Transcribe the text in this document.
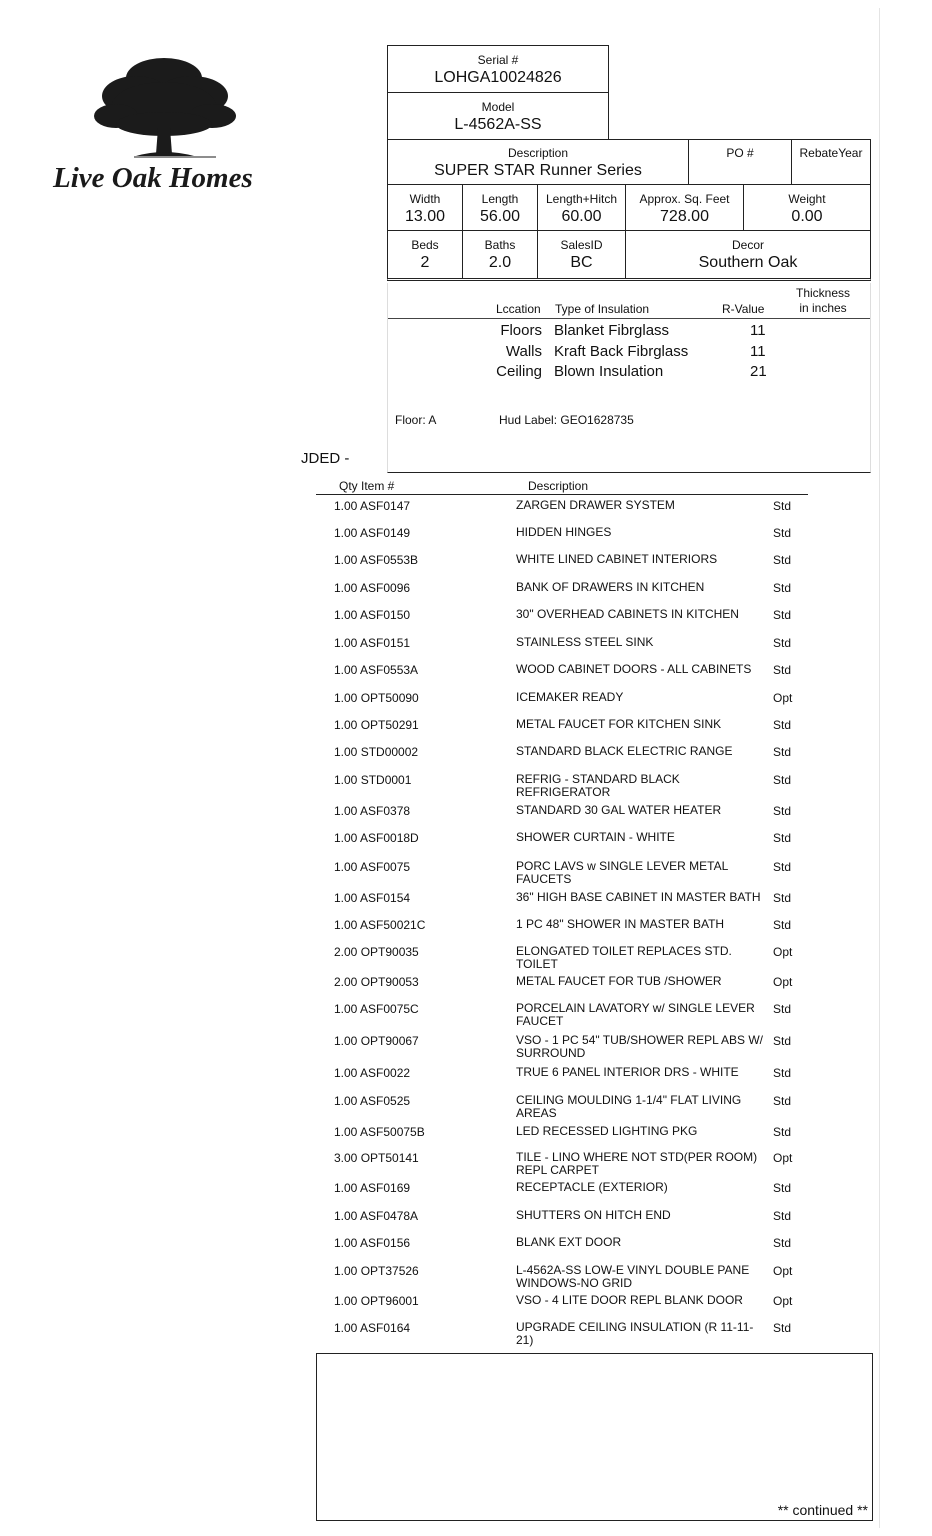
Live Oak Homes
Serial #
LOHGA10024826
Model
L-4562A-SS
Description
SUPER STAR Runner Series
PO #	RebateYear
Width
13.00
Length
56.00
Length+Hitch
60.00
Approx. Sq. Feet
728.00
Weight
0.00
Beds
2
Baths
2.0
SalesID
BC
Decor
Southern Oak
Lccation Type of Insulation	R-Value
Thickness
in inches
Floors Blanket Fibrglass	11
Walls Kraft Back Fibrglass	11
Ceiling Blown Insulation	21
Floor: A	Hud Label: GEO1628735
JDED -
Qty Item #	Description
1.00 ASF0147	ZARGEN DRAWER SYSTEM	Std
1.00 ASF0149	HIDDEN HINGES	Std
1.00 ASF0553B	WHITE LINED CABINET INTERIORS	Std
1.00 ASF0096	BANK OF DRAWERS IN KITCHEN	Std
1.00 ASF0150	30" OVERHEAD CABINETS IN KITCHEN	Std
1.00 ASF0151	STAINLESS STEEL SINK	Std
1.00 ASF0553A	WOOD CABINET DOORS - ALL CABINETS	Std
1.00 OPT50090	ICEMAKER READY	Opt
1.00 OPT50291	METAL FAUCET FOR KITCHEN SINK	Std
1.00 STD00002	STANDARD BLACK ELECTRIC RANGE	Std
1.00 STD0001	REFRIG - STANDARD BLACK REFRIGERATOR
Std
1.00 ASF0378	STANDARD 30 GAL WATER HEATER	Std
1.00 ASF0018D	SHOWER CURTAIN - WHITE	Std
1.00 ASF0075	PORC LAVS w SINGLE LEVER METAL FAUCETS
Std
1.00 ASF0154	36" HIGH BASE CABINET IN MASTER BATH	Std
1.00 ASF50021C	1 PC 48" SHOWER IN MASTER BATH	Std
2.00 OPT90035	ELONGATED TOILET REPLACES STD. TOILET
Opt
2.00 OPT90053	METAL FAUCET FOR TUB /SHOWER	Opt
1.00 ASF0075C	PORCELAIN LAVATORY w/ SINGLE LEVER FAUCET
Std
1.00 OPT90067	VSO - 1 PC 54" TUB/SHOWER REPL ABS W/ SURROUND
Std
1.00 ASF0022	TRUE 6 PANEL INTERIOR DRS - WHITE	Std
1.00 ASF0525	CEILING MOULDING 1-1/4" FLAT LIVING AREAS
Std
1.00 ASF50075B	LED RECESSED LIGHTING PKG	Std
3.00 OPT50141	TILE - LINO WHERE NOT STD(PER ROOM) REPL CARPET
Opt
1.00 ASF0169	RECEPTACLE (EXTERIOR)	Std
1.00 ASF0478A	SHUTTERS ON HITCH END	Std
1.00 ASF0156	BLANK EXT DOOR	Std
1.00 OPT37526	L-4562A-SS LOW-E VINYL DOUBLE PANE WINDOWS-NO GRID
Opt
1.00 OPT96001	VSO - 4 LITE DOOR REPL BLANK DOOR	Opt
1.00 ASF0164	UPGRADE CEILING INSULATION (R 11-11-21)
Std
** continued **
